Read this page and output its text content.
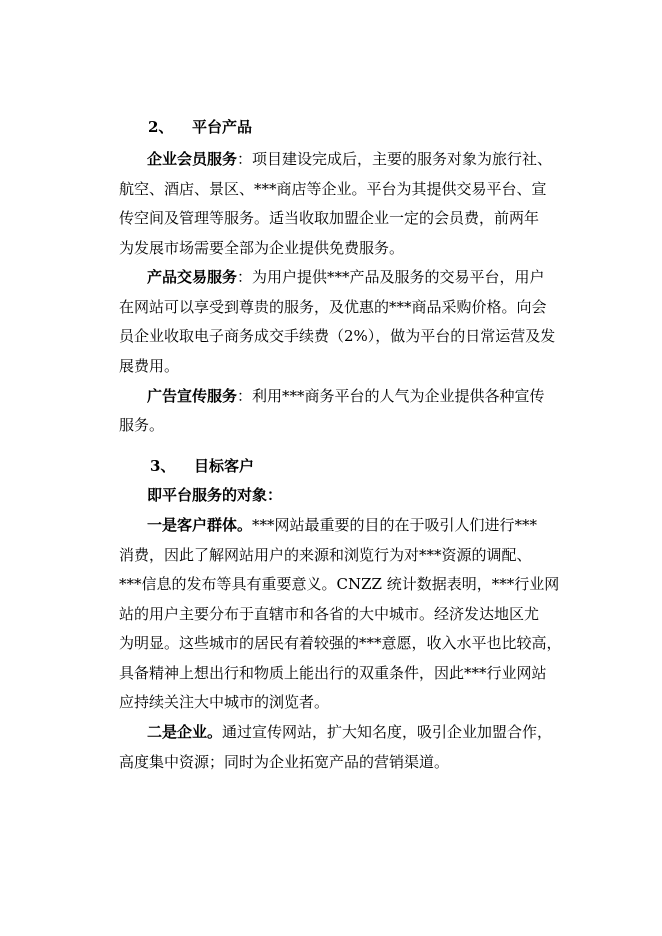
2、 平台产品
企业会员服务：项目建设完成后，主要的服务对象为旅行社、
航空、酒店、景区、***商店等企业。平台为其提供交易平台、宣
传空间及管理等服务。适当收取加盟企业一定的会员费，前两年
为发展市场需要全部为企业提供免费服务。
产品交易服务：为用户提供***产品及服务的交易平台，用户
在网站可以享受到尊贵的服务，及优惠的***商品采购价格。向会
员企业收取电子商务成交手续费（2%），做为平台的日常运营及发
展费用。
广告宣传服务：利用***商务平台的人气为企业提供各种宣传
服务。
3、 目标客户
即平台服务的对象：
一是客户群体。***网站最重要的目的在于吸引人们进行***
消费，因此了解网站用户的来源和浏览行为对***资源的调配、
***信息的发布等具有重要意义。CNZZ 统计数据表明，***行业网
站的用户主要分布于直辖市和各省的大中城市。经济发达地区尤
为明显。这些城市的居民有着较强的***意愿，收入水平也比较高，
具备精神上想出行和物质上能出行的双重条件，因此***行业网站
应持续关注大中城市的浏览者。
二是企业。通过宣传网站，扩大知名度，吸引企业加盟合作，
高度集中资源；同时为企业拓宽产品的营销渠道。
